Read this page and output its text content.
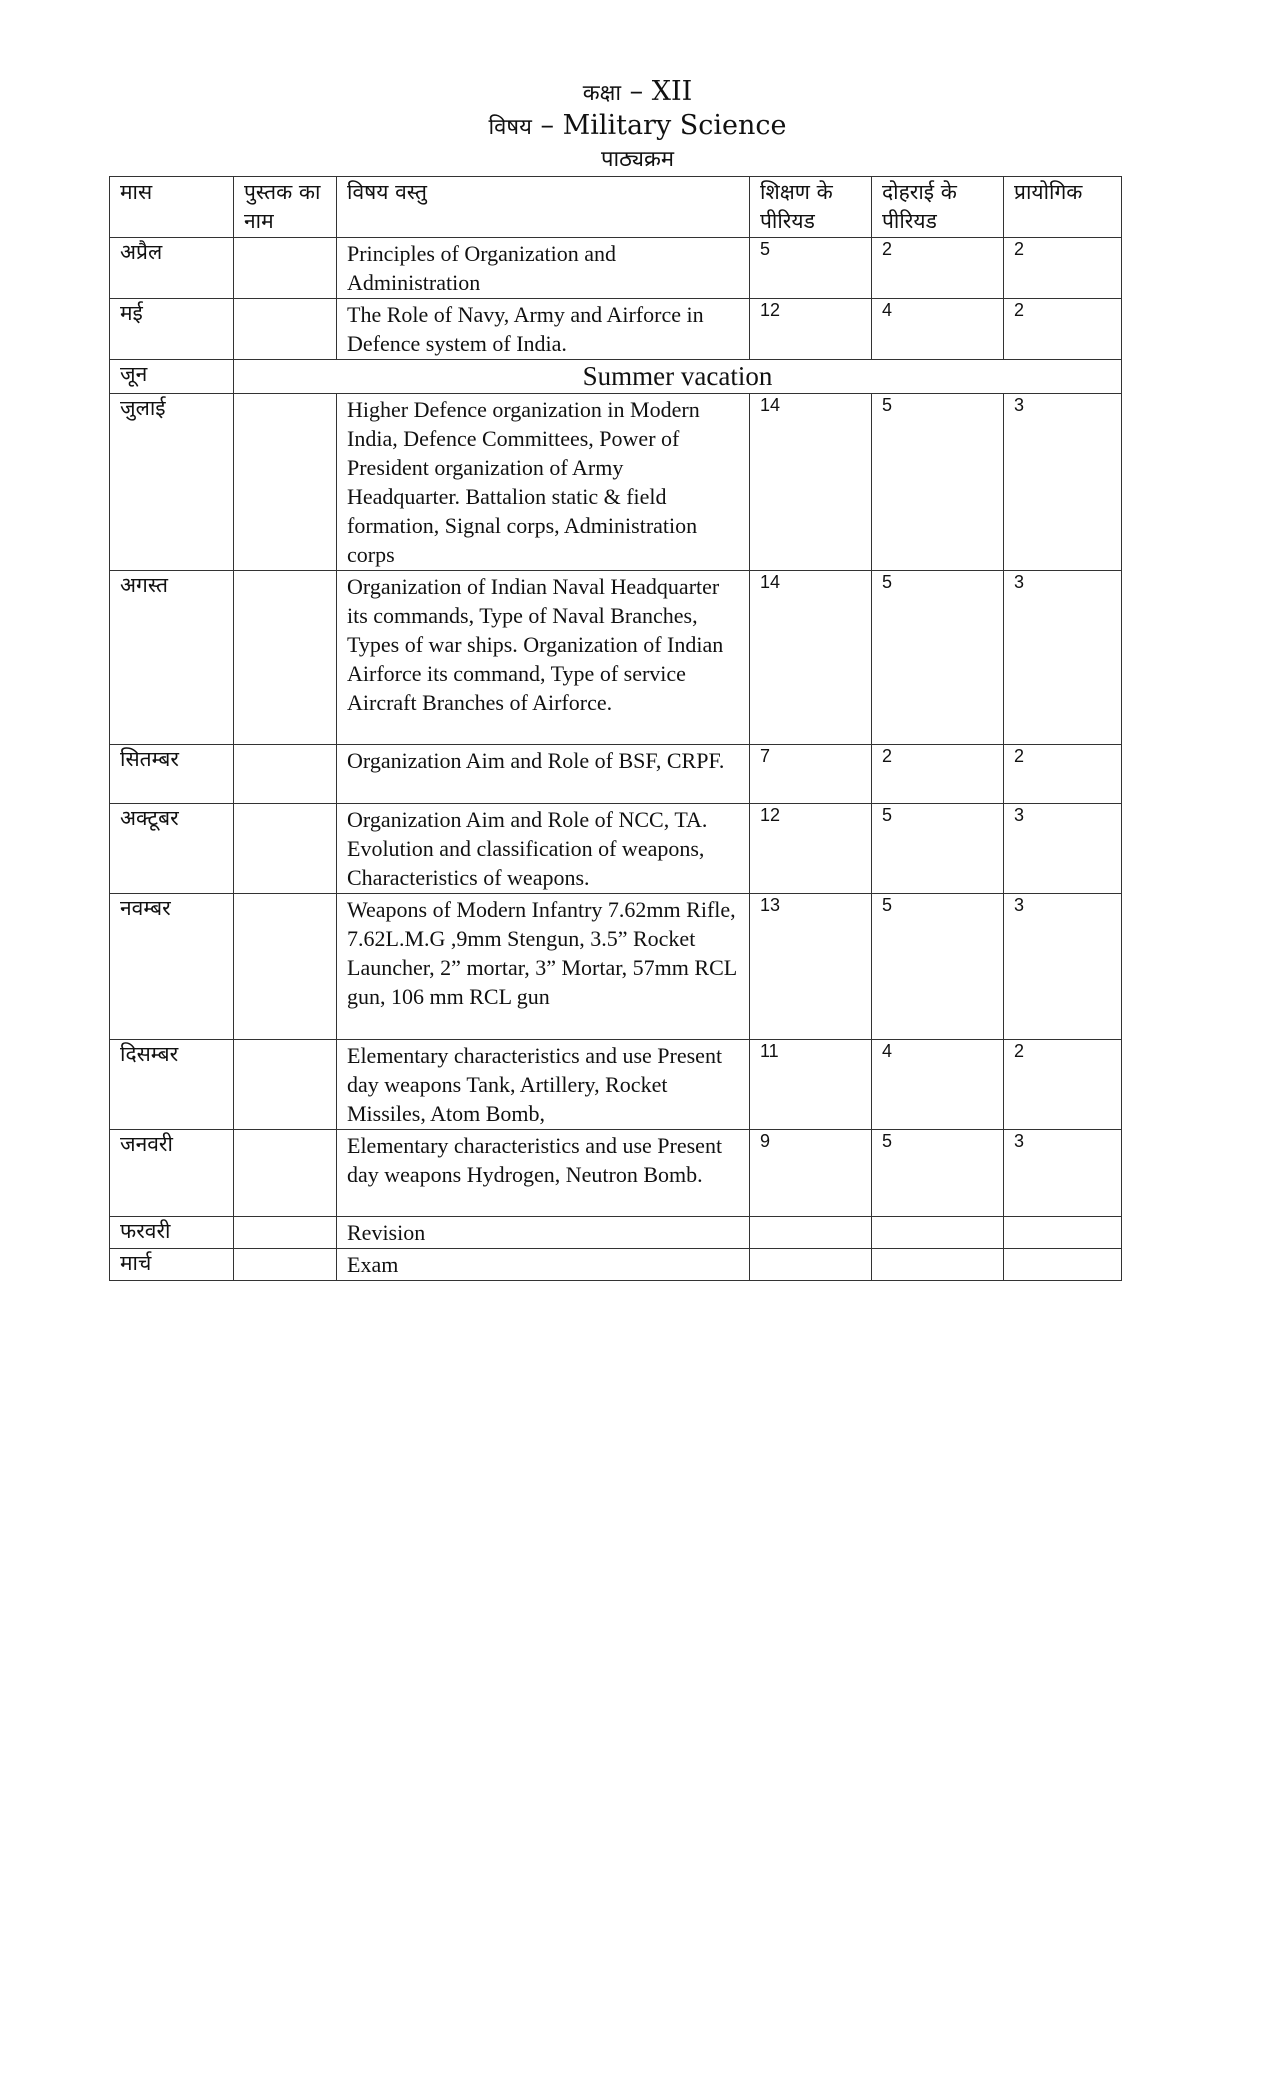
कक्षा – XII
विषय – Military Science
पाठ्यक्रम
मास	पुस्तक का नाम	विषय वस्तु	शिक्षण के पीरियड	दोहराई के पीरियड	प्रायोगिक
अप्रैल		Principles of Organization and Administration	5	2	2
मई		The Role of Navy, Army and Airforce in Defence system of India.	12	4	2
जून	Summer vacation				
जुलाई		Higher Defence organization in Modern India, Defence Committees, Power of President organization of Army Headquarter. Battalion static & field formation, Signal corps, Administration corps	14	5	3
अगस्त		Organization of Indian Naval Headquarter its commands, Type of Naval Branches, Types of war ships. Organization of Indian Airforce its command, Type of service Aircraft Branches of Airforce.	14	5	3
सितम्बर		Organization Aim and Role of BSF, CRPF.	7	2	2
अक्टूबर		Organization Aim and Role of NCC, TA. Evolution and classification of weapons, Characteristics of weapons.	12	5	3
नवम्बर		Weapons of Modern Infantry 7.62mm Rifle, 7.62L.M.G ,9mm Stengun, 3.5” Rocket Launcher, 2” mortar, 3” Mortar, 57mm RCL gun, 106 mm RCL gun	13	5	3
दिसम्बर		Elementary characteristics and use Present day weapons Tank, Artillery, Rocket Missiles, Atom Bomb,	11	4	2
जनवरी		Elementary characteristics and use Present day weapons Hydrogen, Neutron Bomb.	9	5	3
फरवरी		Revision			
मार्च		Exam			
